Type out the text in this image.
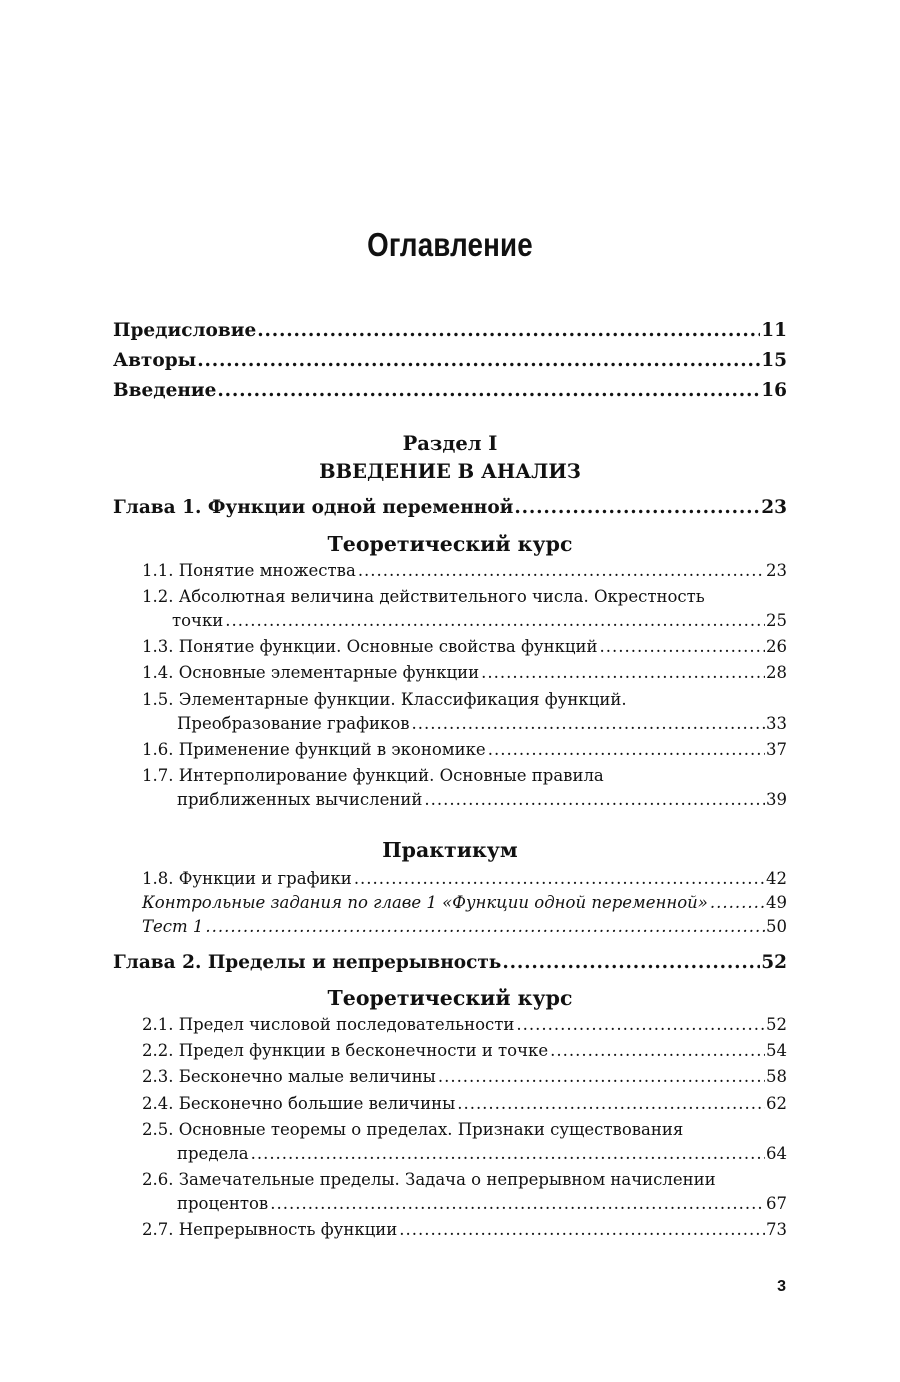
Оглавление
Предисловие .....	11
Авторы .....	15
Введение .....	16
Раздел I
ВВЕДЕНИЕ В АНАЛИЗ
Глава 1. Функции одной переменной .....	23
Теоретический курс
1.1. Понятие множества .....	23
1.2. Абсолютная величина действительного числа. Окрестность
точки .....	25
1.3. Понятие функции. Основные свойства функций .....	26
1.4. Основные элементарные функции .....	28
1.5. Элементарные функции. Классификация функций.
Преобразование графиков .....	33
1.6. Применение функций в экономике .....	37
1.7. Интерполирование функций. Основные правила
приближенных вычислений .....	39
Практикум
1.8. Функции и графики .....	42
Контрольные задания по главе 1 «Функции одной переменной» .....	49
Тест 1 .....	50
Глава 2. Пределы и непрерывность .....	52
Теоретический курс
2.1. Предел числовой последовательности .....	52
2.2. Предел функции в бесконечности и точке .....	54
2.3. Бесконечно малые величины .....	58
2.4. Бесконечно большие величины .....	62
2.5. Основные теоремы о пределах. Признаки существования
предела .....	64
2.6. Замечательные пределы. Задача о непрерывном начислении
процентов .....	67
2.7. Непрерывность функции .....	73
3
